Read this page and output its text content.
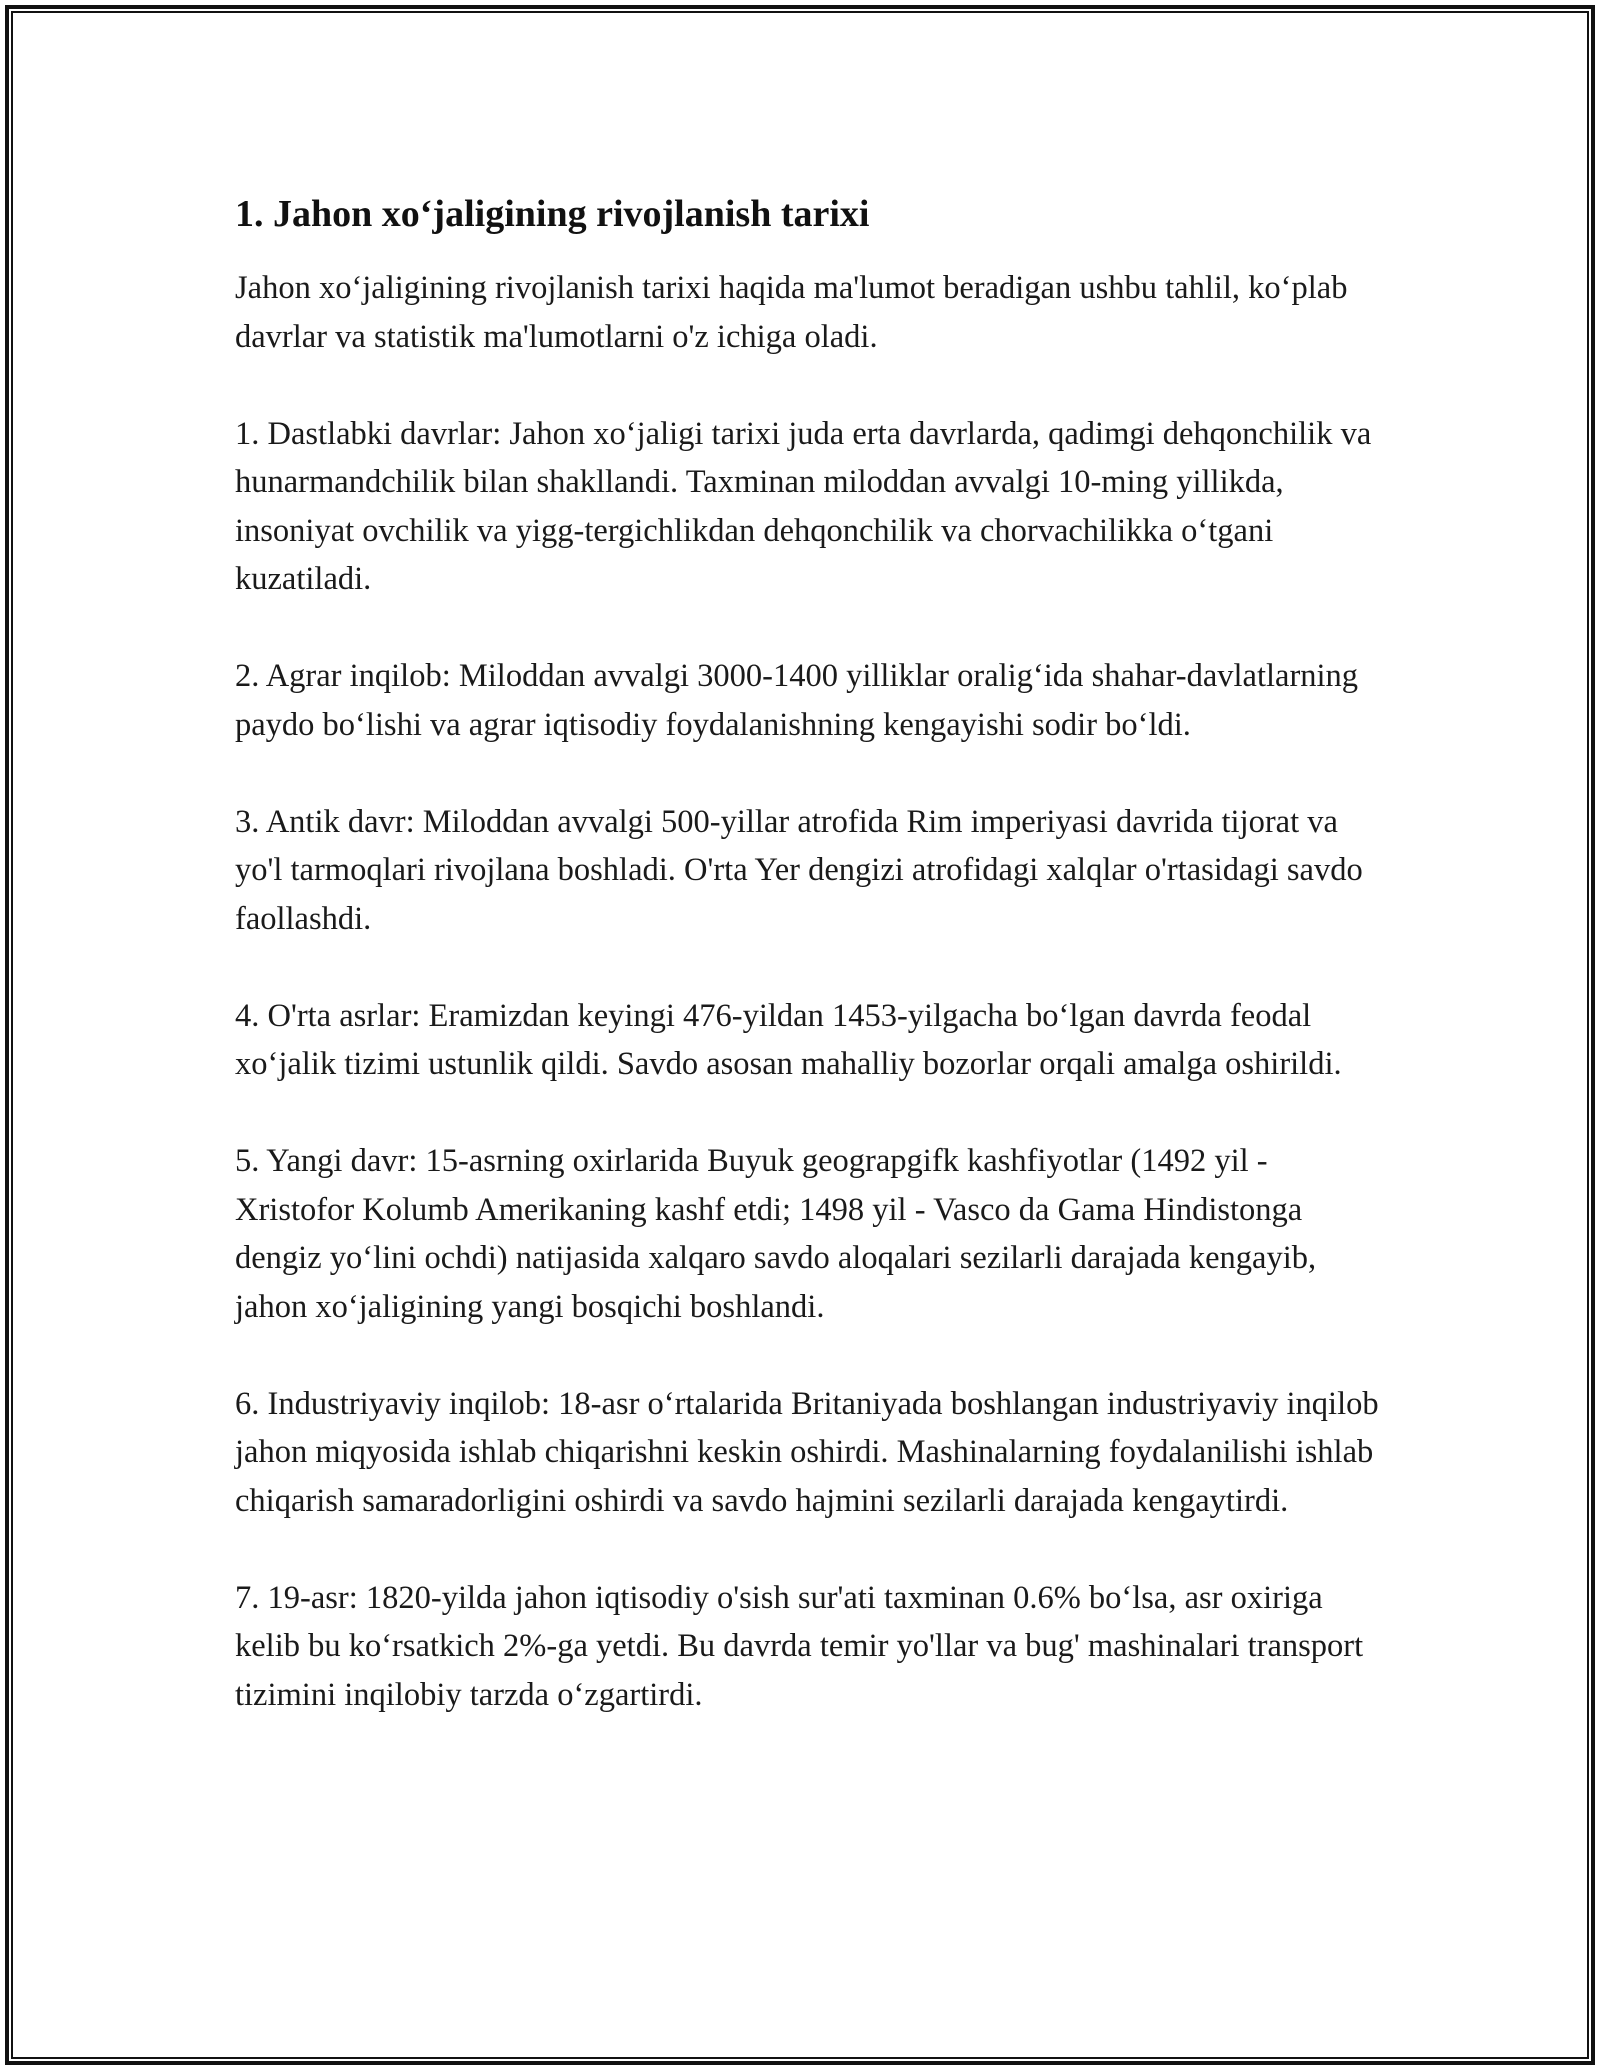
1. Jahon xo‘jaligining rivojlanish tarixi

Jahon xo‘jaligining rivojlanish tarixi haqida ma'lumot beradigan ushbu tahlil, ko‘plab davrlar va statistik ma'lumotlarni o'z ichiga oladi.

1. Dastlabki davrlar: Jahon xo‘jaligi tarixi juda erta davrlarda, qadimgi dehqonchilik va hunarmandchilik bilan shakllandi. Taxminan miloddan avvalgi 10-ming yillikda, insoniyat ovchilik va yigg-tergichlikdan dehqonchilik va chorvachilikka o‘tgani kuzatiladi.

2. Agrar inqilob: Miloddan avvalgi 3000-1400 yilliklar oralig‘ida shahar-davlatlarning paydo bo‘lishi va agrar iqtisodiy foydalanishning kengayishi sodir bo‘ldi.

3. Antik davr: Miloddan avvalgi 500-yillar atrofida Rim imperiyasi davrida tijorat va yo'l tarmoqlari rivojlana boshladi. O'rta Yer dengizi atrofidagi xalqlar o'rtasidagi savdo faollashdi.

4. O'rta asrlar: Eramizdan keyingi 476-yildan 1453-yilgacha bo‘lgan davrda feodal xo‘jalik tizimi ustunlik qildi. Savdo asosan mahalliy bozorlar orqali amalga oshirildi.

5. Yangi davr: 15-asrning oxirlarida Buyuk geograpgifk kashfiyotlar (1492 yil - Xristofor Kolumb Amerikaning kashf etdi; 1498 yil - Vasco da Gama Hindistonga dengiz yo‘lini ochdi) natijasida xalqaro savdo aloqalari sezilarli darajada kengayib, jahon xo‘jaligining yangi bosqichi boshlandi.

6. Industriyaviy inqilob: 18-asr o‘rtalarida Britaniyada boshlangan industriyaviy inqilob jahon miqyosida ishlab chiqarishni keskin oshirdi. Mashinalarning foydalanilishi ishlab chiqarish samaradorligini oshirdi va savdo hajmini sezilarli darajada kengaytirdi.

7. 19-asr: 1820-yilda jahon iqtisodiy o'sish sur'ati taxminan 0.6% bo‘lsa, asr oxiriga kelib bu ko‘rsatkich 2%-ga yetdi. Bu davrda temir yo'llar va bug' mashinalari transport tizimini inqilobiy tarzda o‘zgartirdi.
